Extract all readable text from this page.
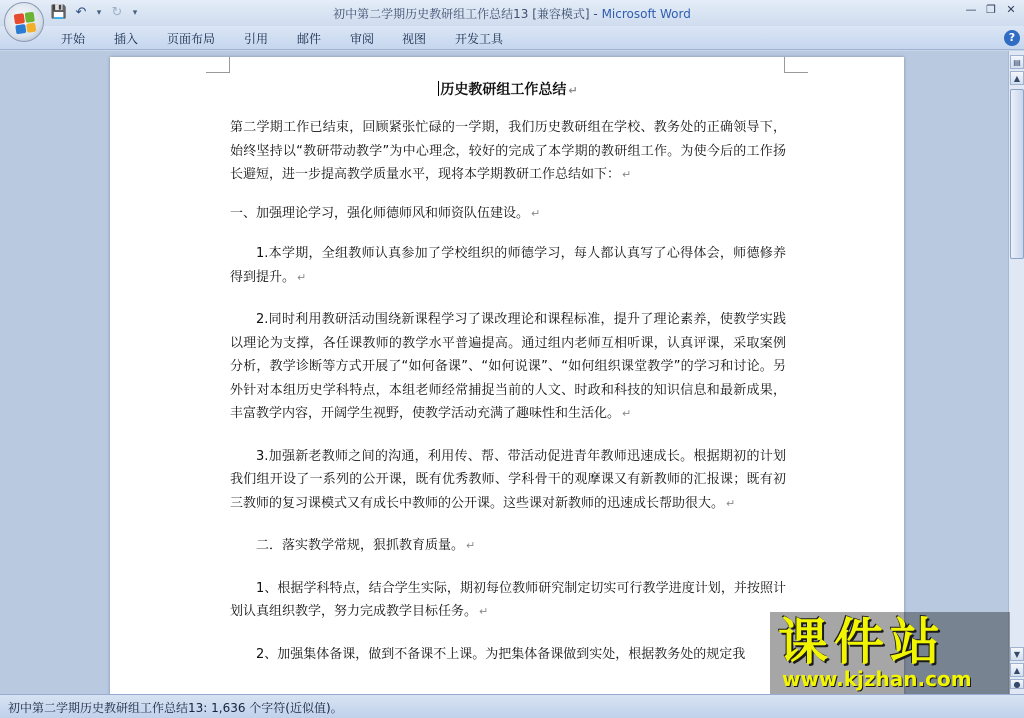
💾 ↶	▾ ↻	▾	初中第二学期历史教研组工作总结13 [兼容模式] - Microsoft Word	— ❐ ✕
开始 插入 页面布局 引用 邮件 审阅 视图 开发工具	?
历史教研组工作总结 ↵

第二学期工作已结束，回顾紧张忙碌的一学期，我们历史教研组在学校、教务处的正确领导下，始终坚持以“教研带动教学”为中心理念，较好的完成了本学期的教研组工作。为使今后的工作扬长避短，进一步提高教学质量水平，现将本学期教研工作总结如下： ↵

一、加强理论学习，强化师德师风和师资队伍建设。 ↵

1.本学期，全组教师认真参加了学校组织的师德学习，每人都认真写了心得体会，师德修养得到提升。 ↵

2.同时利用教研活动围绕新课程学习了课改理论和课程标准，提升了理论素养，使教学实践以理论为支撑，各任课教师的教学水平普遍提高。通过组内老师互相听课，认真评课，采取案例分析，教学诊断等方式开展了“如何备课”、“如何说课”、“如何组织课堂教学”的学习和讨论。另外针对本组历史学科特点，本组老师经常捕捉当前的人文、时政和科技的知识信息和最新成果，丰富教学内容，开阔学生视野，使教学活动充满了趣味性和生活化。 ↵

3.加强新老教师之间的沟通，利用传、帮、带活动促进青年教师迅速成长。根据期初的计划我们组开设了一系列的公开课，既有优秀教师、学科骨干的观摩课又有新教师的汇报课；既有初三教师的复习课模式又有成长中教师的公开课。这些课对新教师的迅速成长帮助很大。 ↵

二．落实教学常规，狠抓教育质量。 ↵

1、根据学科特点，结合学生实际，期初每位教师研究制定切实可行教学进度计划，并按照计划认真组织教学，努力完成教学目标任务。 ↵

2、加强集体备课，做到不备课不上课。为把集体备课做到实处，根据教务处的规定我

▤
▲
▼
▲
●
初中第二学期历史教研组工作总结13: 1,636 个字符(近似值)。
课件站
www.kjzhan.com
